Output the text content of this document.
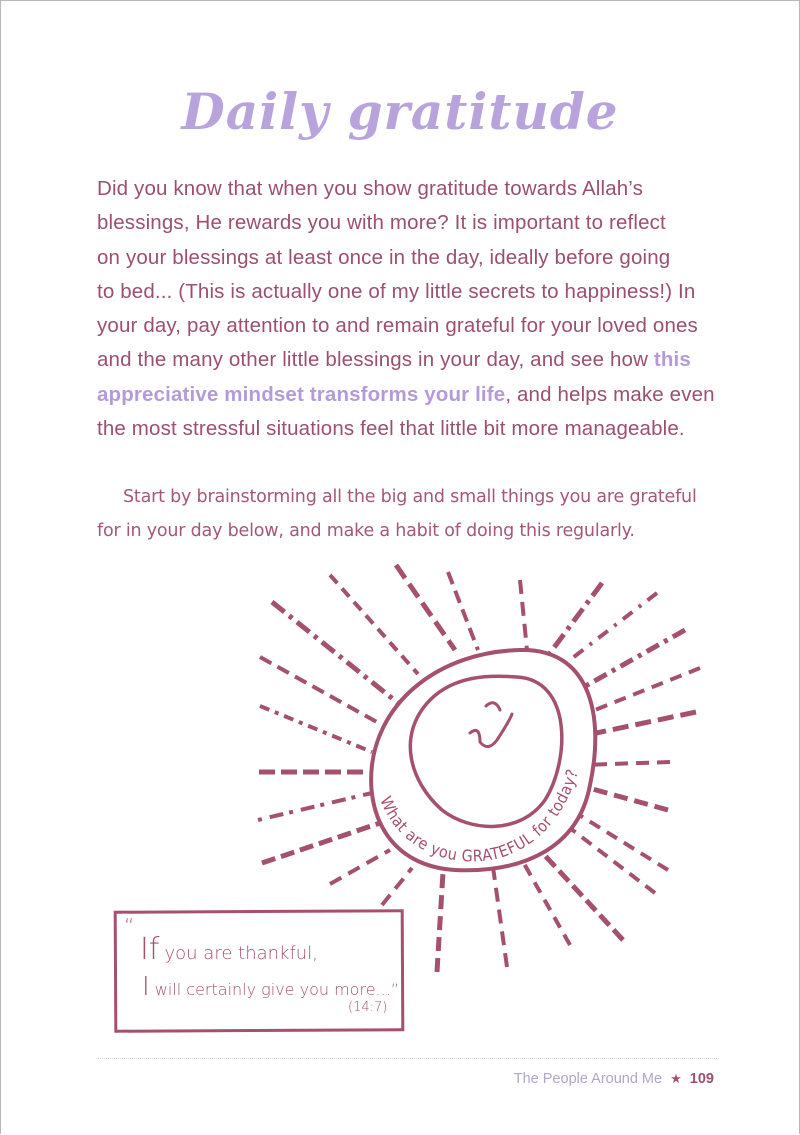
Daily gratitude
Did you know that when you show gratitude towards Allah’s
blessings, He rewards you with more? It is important to reflect
on your blessings at least once in the day, ideally before going
to bed... (This is actually one of my little secrets to happiness!) In
your day, pay attention to and remain grateful for your loved ones
and the many other little blessings in your day, and see how this
appreciative mindset transforms your life, and helps make even
the most stressful situations feel that little bit more manageable.
Start by brainstorming all the big and small things you are grateful
for in your day below, and make a habit of doing this regularly.
What are you GRATEFUL for today?
“
If you are thankful,
I will certainly give you more...”
(14:7)
The People Around Me ★ 109
